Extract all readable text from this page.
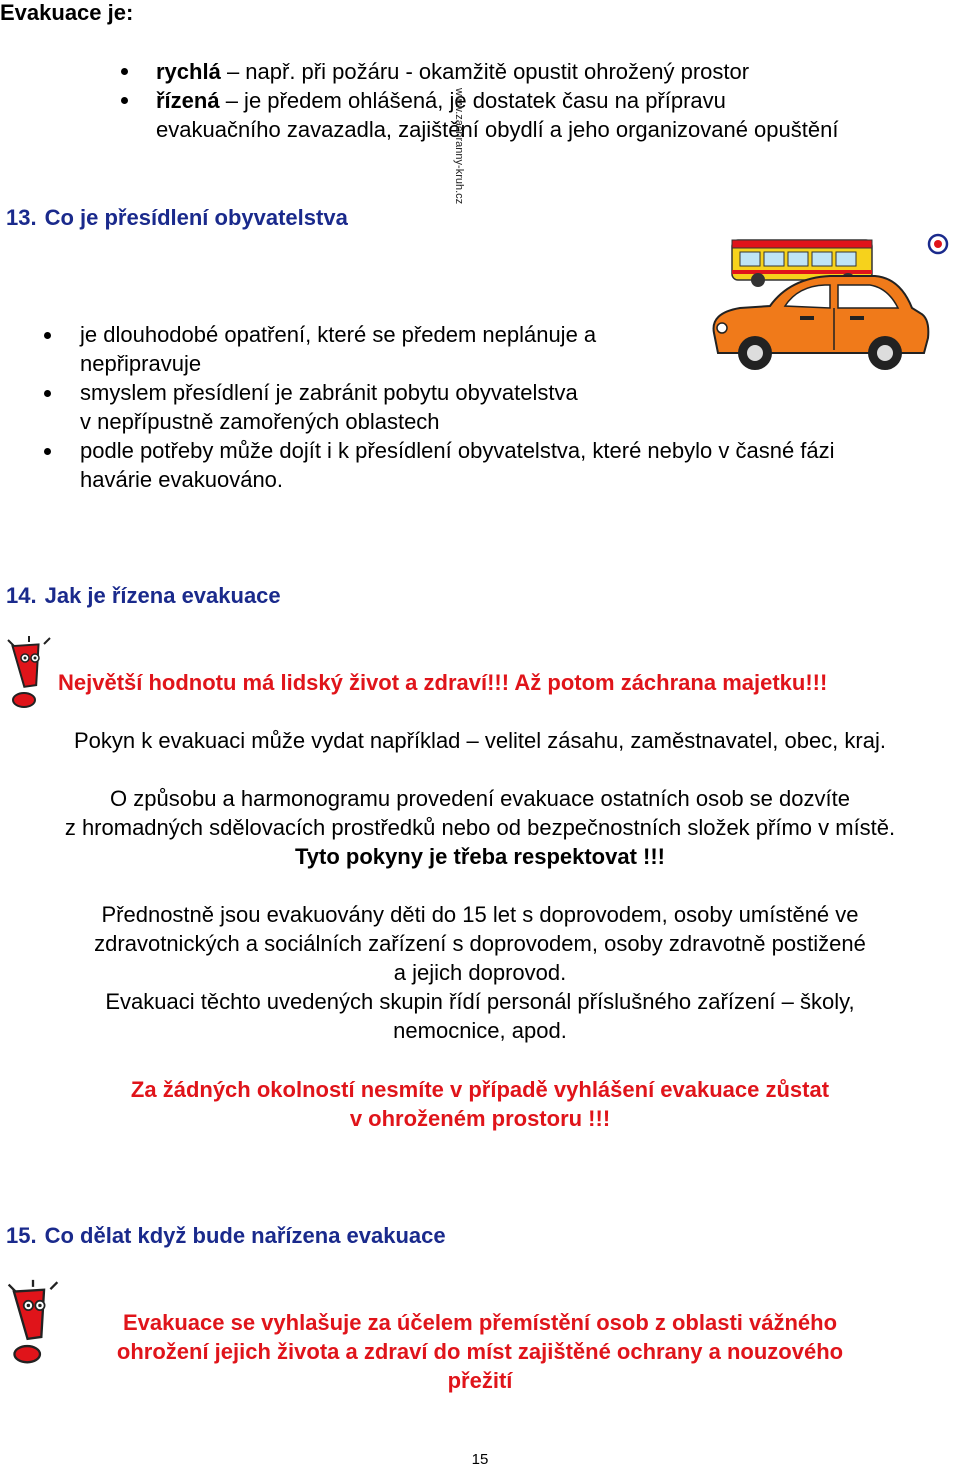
Evakuace je:
rychlá – např. při požáru - okamžitě opustit ohrožený prostor
řízená – je předem ohlášená, je dostatek času na přípravu
evakuačního zavazadla, zajištění obydlí a jeho organizované opuštění
13. Co je přesídlení obyvatelstva
www.zachranny-kruh.cz
je dlouhodobé opatření, které se předem neplánuje a
nepřipravuje
smyslem přesídlení je zabránit pobytu obyvatelstva
v nepřípustně zamořených oblastech
podle potřeby může dojít i k přesídlení obyvatelstva, které nebylo v časné fázi
havárie evakuováno.
14. Jak je řízena evakuace
Největší hodnotu má lidský život a zdraví!!! Až potom záchrana majetku!!!
Pokyn k evakuaci může vydat například – velitel zásahu, zaměstnavatel, obec, kraj.
O způsobu a harmonogramu provedení evakuace ostatních osob se dozvíte
z hromadných sdělovacích prostředků nebo od bezpečnostních složek přímo v místě.
Tyto pokyny je třeba respektovat !!!
Přednostně jsou evakuovány děti do 15 let s doprovodem, osoby umístěné ve
zdravotnických a sociálních zařízení s doprovodem, osoby zdravotně postižené
a jejich doprovod.
Evakuaci těchto uvedených skupin řídí personál příslušného zařízení – školy,
nemocnice, apod.
Za žádných okolností nesmíte v případě vyhlášení evakuace zůstat
v ohroženém prostoru !!!
15. Co dělat když bude nařízena evakuace
Evakuace se vyhlašuje za účelem přemístění osob z oblasti vážného
ohrožení jejich života a zdraví do míst zajištěné ochrany a nouzového
přežití
15
